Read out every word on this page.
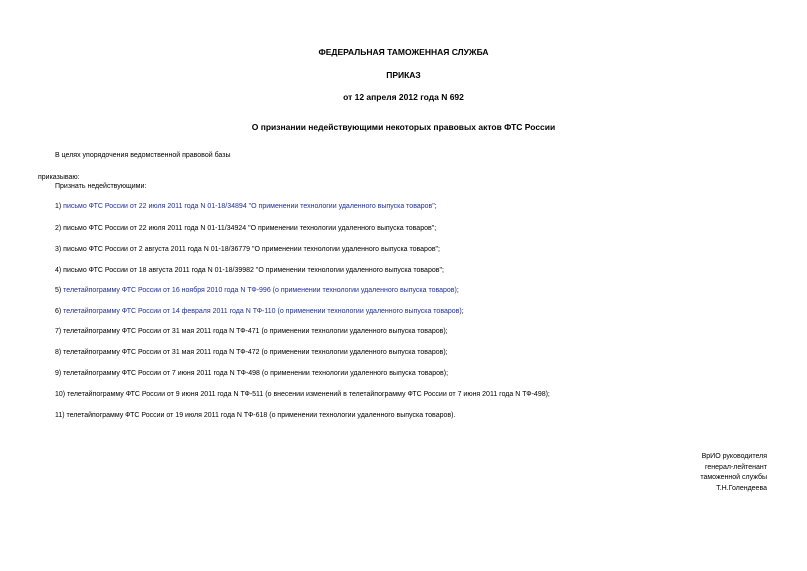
ФЕДЕРАЛЬНАЯ ТАМОЖЕННАЯ СЛУЖБА
ПРИКАЗ
от 12 апреля 2012 года N 692
О признании недействующими некоторых правовых актов ФТС России
В целях упорядочения ведомственной правовой базы
приказываю:
Признать недействующими:
1) письмо ФТС России от 22 июля 2011 года N 01-18/34894 "О применении технологии удаленного выпуска товаров";
2) письмо ФТС России от 22 июля 2011 года N 01-11/34924 "О применении технологии удаленного выпуска товаров";
3) письмо ФТС России от 2 августа 2011 года N 01-18/36779 "О применении технологии удаленного выпуска товаров";
4) письмо ФТС России от 18 августа 2011 года N 01-18/39982 "О применении технологии удаленного выпуска товаров";
5) телетайпограмму ФТС России от 16 ноября 2010 года N ТФ-996 (о применении технологии удаленного выпуска товаров);
6) телетайпограмму ФТС России от 14 февраля 2011 года N ТФ-110 (о применении технологии удаленного выпуска товаров);
7) телетайпограмму ФТС России от 31 мая 2011 года N ТФ-471 (о применении технологии удаленного выпуска товаров);
8) телетайпограмму ФТС России от 31 мая 2011 года N ТФ-472 (о применении технологии удаленного выпуска товаров);
9) телетайпограмму ФТС России от 7 июня 2011 года N ТФ-498 (о применении технологии удаленного выпуска товаров);
10) телетайпограмму ФТС России от 9 июня 2011 года N ТФ-511 (о внесении изменений в телетайпограмму ФТС России от 7 июня 2011 года N ТФ-498);
11) телетайпограмму ФТС России от 19 июля 2011 года N ТФ-618 (о применении технологии удаленного выпуска товаров).
ВрИО руководителя
генерал-лейтенант
таможенной службы
Т.Н.Голендеева
